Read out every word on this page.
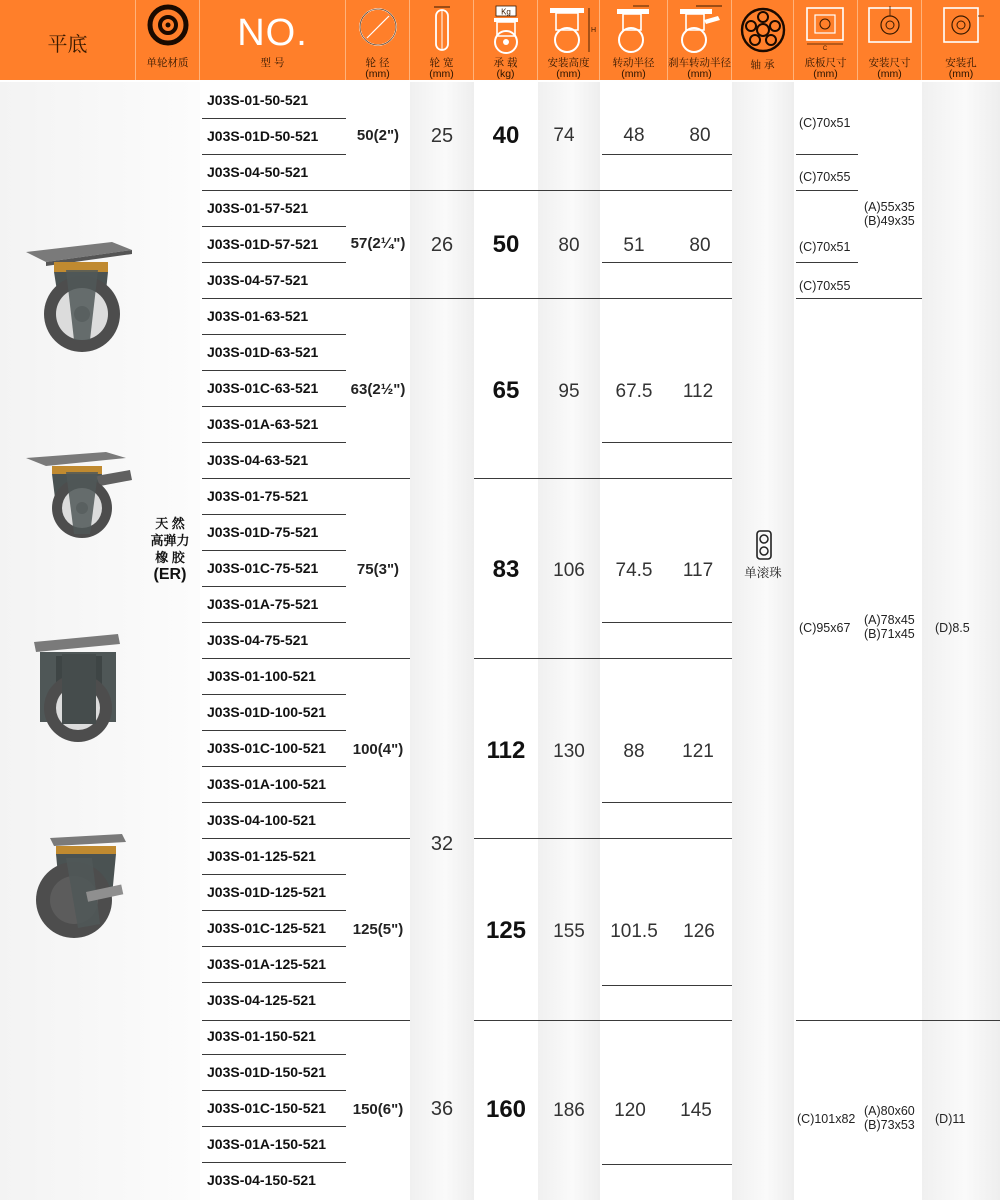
平底
单轮材质
NO.
型 号	轮 径
(mm)
轮 宽
(mm)
Kg
承 载
(kg)
H
安装高度
(mm)
转动半径
(mm)
刹车转动半径
(mm)
轴 承
C
底板尺寸
(mm)
安装尺寸
(mm)
安装孔
(mm)
天 然
高弹力
橡 胶
(ER)
J03S-01-50-521
J03S-01D-50-521
J03S-04-50-521
J03S-01-57-521
J03S-01D-57-521
J03S-04-57-521
J03S-01-63-521
J03S-01D-63-521
J03S-01C-63-521
J03S-01A-63-521
J03S-04-63-521
J03S-01-75-521
J03S-01D-75-521
J03S-01C-75-521
J03S-01A-75-521
J03S-04-75-521
J03S-01-100-521
J03S-01D-100-521
J03S-01C-100-521
J03S-01A-100-521
J03S-04-100-521
J03S-01-125-521
J03S-01D-125-521
J03S-01C-125-521
J03S-01A-125-521
J03S-04-125-521
J03S-01-150-521
J03S-01D-150-521
J03S-01C-150-521
J03S-01A-150-521
J03S-04-150-521
50(2")
57(2¼")
63(2½")
75(3")
100(4")
125(5")
150(6")
25
26
32
36
40
50
65
83
112
125
160
74
80
95
106
130
155
186
48
51
67.5
74.5
88
101.5
120
80
80
112
117
121
126
145
单滚珠
(C)70x51
(C)70x55
(C)70x51
(C)70x55
(C)95x67
(C)101x82
(A)55x35
(B)49x35
(A)78x45
(B)71x45
(A)80x60
(B)73x53
(D)8.5
(D)11
